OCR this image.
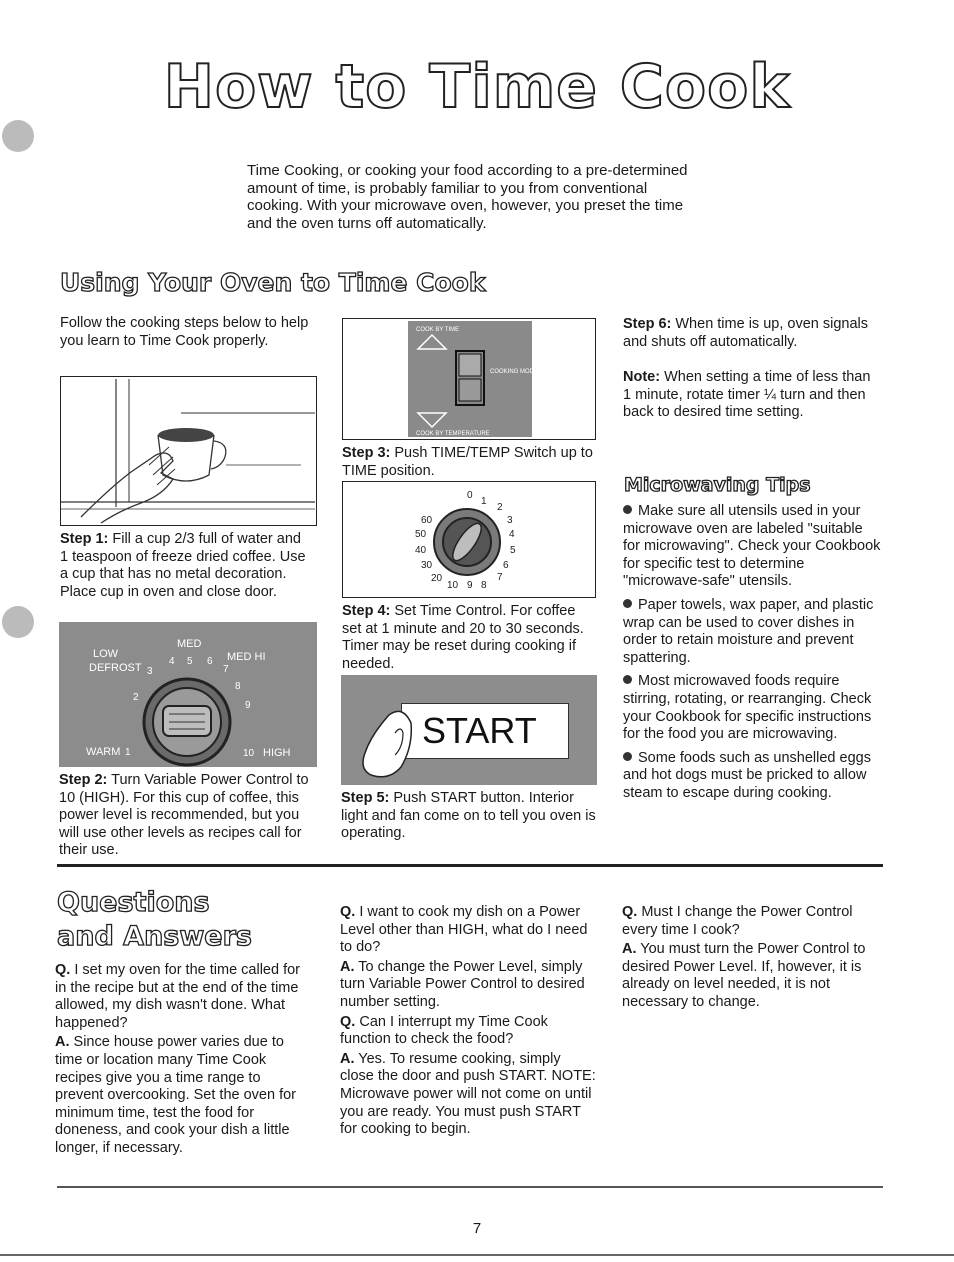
How to Time Cook
Time Cooking, or cooking your food according to a pre-determined amount of time, is probably familiar to you from conventional cooking. With your microwave oven, however, you preset the time and the oven turns off automatically.
Using Your Oven to Time Cook
Follow the cooking steps below to help you learn to Time Cook properly.
Step 1: Fill a cup 2/3 full of water and 1 teaspoon of freeze dried coffee. Use a cup that has no metal decoration. Place cup in oven and close door.
LOW
DEFROST
MED
MED HI
WARM	HIGH
1
2
3
4 5 6
7
8
9
10
Step 2: Turn Variable Power Control to 10 (HIGH). For this cup of coffee, this power level is recommended, but you will use other levels as recipes call for their use.
COOK BY TIME
COOKING MODE SELECTOR
COOK BY TEMPERATURE
Step 3: Push TIME/TEMP Switch up to TIME position.
0
1
2
3
4
5
6
7
8
9
10
20
30
40
50
60
Step 4: Set Time Control. For coffee set at 1 minute and 20 to 30 seconds. Timer may be reset during cooking if needed.
START
Step 5: Push START button. Interior light and fan come on to tell you oven is operating.
Step 6: When time is up, oven signals and shuts off automatically.
Note: When setting a time of less than 1 minute, rotate timer ¼ turn and then back to desired time setting.
Microwaving Tips
Make sure all utensils used in your microwave oven are labeled "suitable for microwaving". Check your Cookbook for specific test to determine "microwave-safe" utensils.
Paper towels, wax paper, and plastic wrap can be used to cover dishes in order to retain moisture and prevent spattering.
Most microwaved foods require stirring, rotating, or rearranging. Check your Cookbook for specific instructions for the food you are microwaving.
Some foods such as unshelled eggs and hot dogs must be pricked to allow steam to escape during cooking.
Questions
and Answers
Q. I set my oven for the time called for in the recipe but at the end of the time allowed, my dish wasn't done. What happened?
A. Since house power varies due to time or location many Time Cook recipes give you a time range to prevent overcooking. Set the oven for minimum time, test the food for doneness, and cook your dish a little longer, if necessary.
Q. I want to cook my dish on a Power Level other than HIGH, what do I need to do?
A. To change the Power Level, simply turn Variable Power Control to desired number setting.
Q. Can I interrupt my Time Cook function to check the food?
A. Yes. To resume cooking, simply close the door and push START. NOTE: Microwave power will not come on until you are ready. You must push START for cooking to begin.
Q. Must I change the Power Control every time I cook?
A. You must turn the Power Control to desired Power Level. If, however, it is already on level needed, it is not necessary to change.
7
